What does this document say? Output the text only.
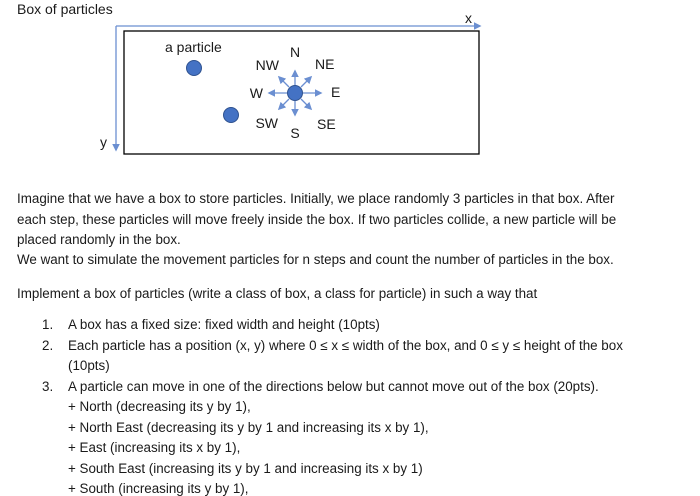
Box of particles
x
y
a particle	N
NE
E
SE
S
SW
W
NW

Imagine that we have a box to store particles. Initially, we place randomly 3 particles in that box. After
each step, these particles will move freely inside the box. If two particles collide, a new particle will be
placed randomly in the box.

We want to simulate the movement particles for n steps and count the number of particles in the box.

Implement a box of particles (write a class of box, a class for particle) in such a way that

1. A box has a fixed size: fixed width and height (10pts)
2. Each particle has a position (x, y) where 0 ≤ x ≤ width of the box, and 0 ≤ y ≤ height of the box
(10pts)
3. A particle can move in one of the directions below but cannot move out of the box (20pts).
+ North (decreasing its y by 1),
+ North East (decreasing its y by 1 and increasing its x by 1),
+ East (increasing its x by 1),
+ South East (increasing its y by 1 and increasing its x by 1)
+ South (increasing its y by 1),
